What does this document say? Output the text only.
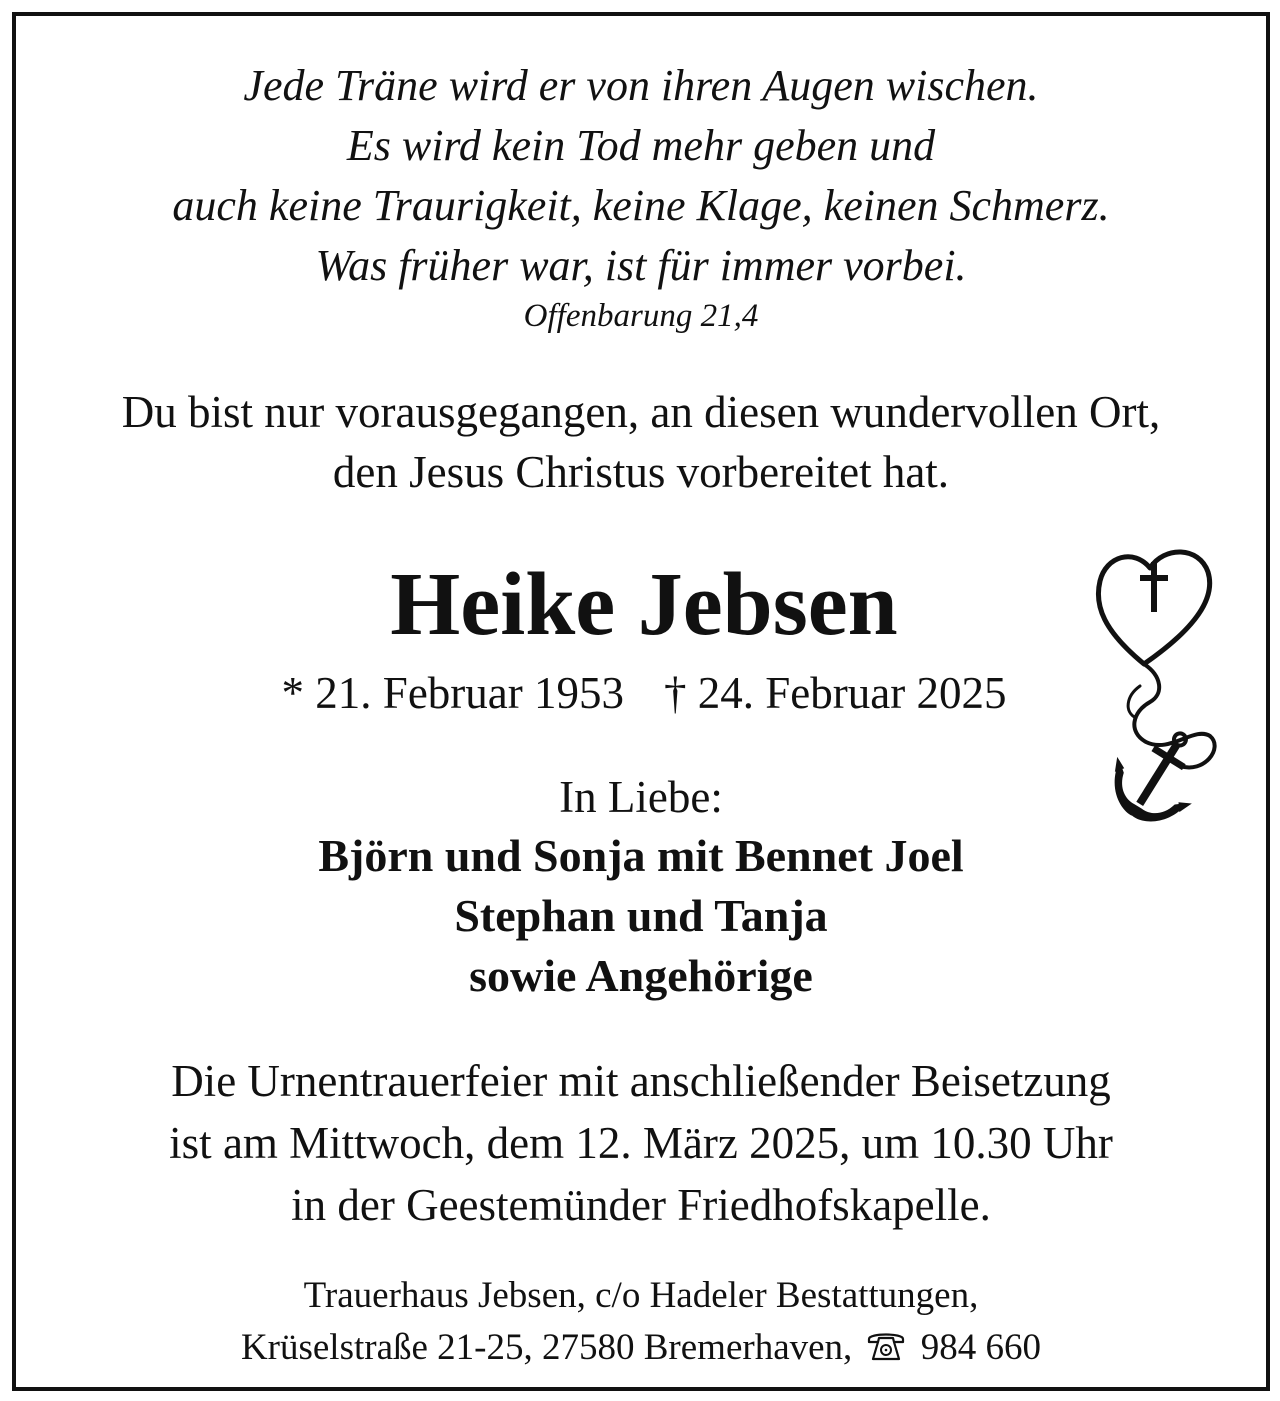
Jede Träne wird er von ihren Augen wischen.
Es wird kein Tod mehr geben und
auch keine Traurigkeit, keine Klage, keinen Schmerz.
Was früher war, ist für immer vorbei.
Offenbarung 21,4
Du bist nur vorausgegangen, an diesen wundervollen Ort,
den Jesus Christus vorbereitet hat.
Heike Jebsen
* 21. Februar 1953 † 24. Februar 2025
In Liebe:
Björn und Sonja mit Bennet Joel
Stephan und Tanja
sowie Angehörige
Die Urnentrauerfeier mit anschließender Beisetzung
ist am Mittwoch, dem 12. März 2025, um 10.30 Uhr
in der Geestemünder Friedhofskapelle.
Trauerhaus Jebsen, c/o Hadeler Bestattungen,
Krüselstraße 21-25, 27580 Bremerhaven, 984 660
